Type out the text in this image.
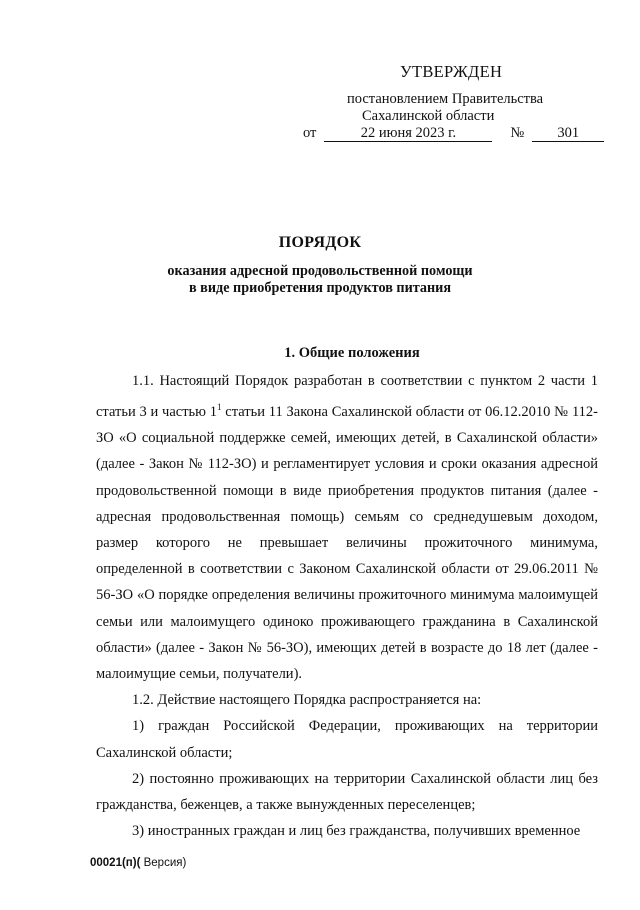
УТВЕРЖДЕН
постановлением Правительства
Сахалинской области
от	22 июня 2023 г.	№	301
ПОРЯДОК
оказания адресной продовольственной помощи
в виде приобретения продуктов питания
1. Общие положения

1.1. Настоящий Порядок разработан в соответствии с пунктом 2 части 1 статьи 3 и частью $1^1$ статьи 11 Закона Сахалинской области от 06.12.2010 № 112-ЗО «О социальной поддержке семей, имеющих детей, в Сахалинской области» (далее - Закон № 112-ЗО) и регламентирует условия и сроки оказания адресной продовольственной помощи в виде приобретения продуктов питания (далее - адресная продовольственная помощь) семьям со среднедушевым доходом, размер которого не превышает величины прожиточного минимума, определенной в соответствии с Законом Сахалинской области от 29.06.2011 № 56-ЗО «О порядке определения величины прожиточного минимума малоимущей семьи или малоимущего одиноко проживающего гражданина в Сахалинской области» (далее - Закон № 56-ЗО), имеющих детей в возрасте до 18 лет (далее - малоимущие семьи, получатели).

1.2. Действие настоящего Порядка распространяется на:

1) граждан Российской Федерации, проживающих на территории Сахалинской области;

2) постоянно проживающих на территории Сахалинской области лиц без гражданства, беженцев, а также вынужденных переселенцев;

3) иностранных граждан и лиц без гражданства, получивших временное

00021(п)( Версия)
